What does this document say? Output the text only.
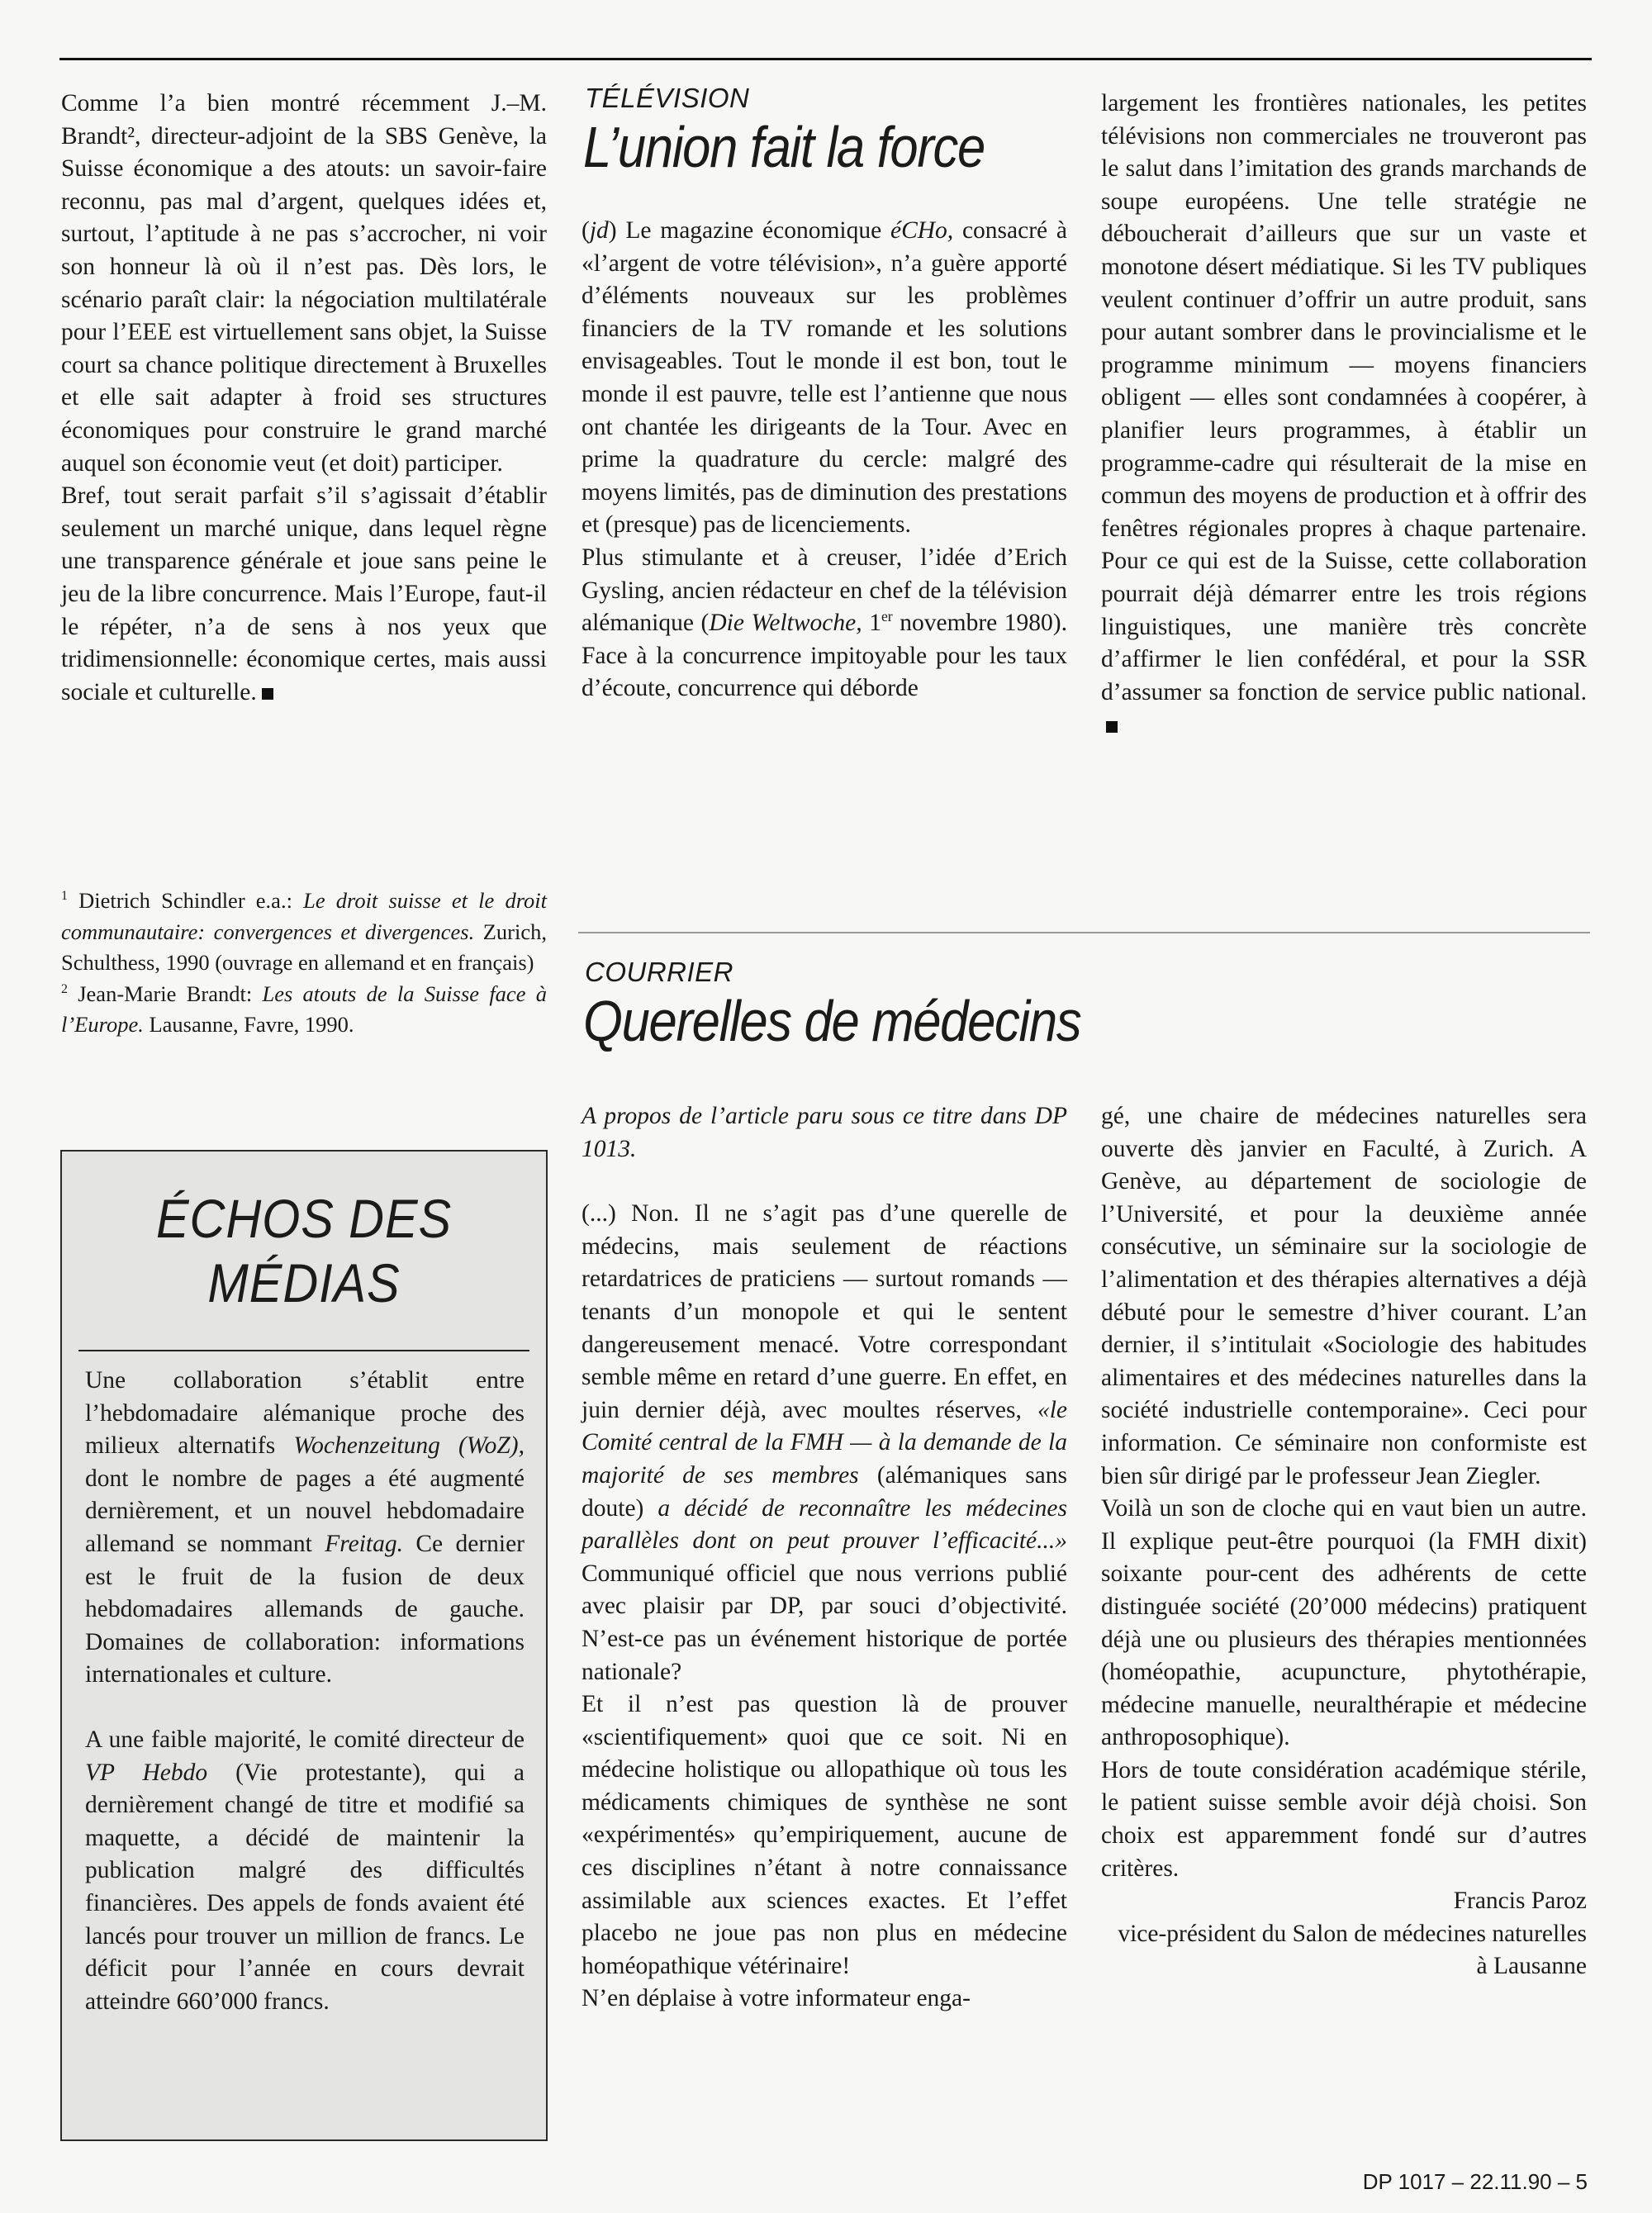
Comme l’a bien montré récemment J.–M. Brandt², directeur-adjoint de la SBS Genève, la Suisse économique a des atouts: un savoir-faire reconnu, pas mal d’argent, quelques idées et, surtout, l’aptitude à ne pas s’accrocher, ni voir son honneur là où il n’est pas. Dès lors, le scénario paraît clair: la négociation multilatérale pour l’EEE est virtuellement sans objet, la Suisse court sa chance politique directement à Bruxelles et elle sait adapter à froid ses structures économiques pour construire le grand marché auquel son économie veut (et doit) participer.

Bref, tout serait parfait s’il s’agissait d’établir seulement un marché unique, dans lequel règne une transparence générale et joue sans peine le jeu de la libre concurrence. Mais l’Europe, faut-il le répéter, n’a de sens à nos yeux que tridimensionnelle: économique certes, mais aussi sociale et culturelle.

$^1$ Dietrich Schindler e.a.: Le droit suisse et le droit communautaire: convergences et divergences. Zurich, Schulthess, 1990 (ouvrage en allemand et en français)

$^2$ Jean-Marie Brandt: Les atouts de la Suisse face à l’Europe. Lausanne, Favre, 1990.

ÉCHOS DES
MÉDIAS

Une collaboration s’établit entre l’hebdomadaire alémanique proche des milieux alternatifs Wochenzeitung (WoZ), dont le nombre de pages a été augmenté dernièrement, et un nouvel hebdomadaire allemand se nommant Freitag. Ce dernier est le fruit de la fusion de deux hebdomadaires allemands de gauche. Domaines de collaboration: informations internationales et culture.

A une faible majorité, le comité directeur de VP Hebdo (Vie protestante), qui a dernièrement changé de titre et modifié sa maquette, a décidé de maintenir la publication malgré des difficultés financières. Des appels de fonds avaient été lancés pour trouver un million de francs. Le déficit pour l’année en cours devrait atteindre 660’000 francs.

TÉLÉVISION
L’union fait la force

(jd) Le magazine économique éCHo, consacré à «l’argent de votre télévision», n’a guère apporté d’éléments nouveaux sur les problèmes financiers de la TV romande et les solutions envisageables. Tout le monde il est bon, tout le monde il est pauvre, telle est l’antienne que nous ont chantée les dirigeants de la Tour. Avec en prime la quadrature du cercle: malgré des moyens limités, pas de diminution des prestations et (presque) pas de licenciements.

Plus stimulante et à creuser, l’idée d’Erich Gysling, ancien rédacteur en chef de la télévision alémanique (Die Weltwoche, 1er novembre 1980). Face à la concurrence impitoyable pour les taux d’écoute, concurrence qui déborde

largement les frontières nationales, les petites télévisions non commerciales ne trouveront pas le salut dans l’imitation des grands marchands de soupe européens. Une telle stratégie ne déboucherait d’ailleurs que sur un vaste et monotone désert médiatique. Si les TV publiques veulent continuer d’offrir un autre produit, sans pour autant sombrer dans le provincialisme et le programme minimum — moyens financiers obligent — elles sont condamnées à coopérer, à planifier leurs programmes, à établir un programme-cadre qui résulterait de la mise en commun des moyens de production et à offrir des fenêtres régionales propres à chaque partenaire. Pour ce qui est de la Suisse, cette collaboration pourrait déjà démarrer entre les trois régions linguistiques, une manière très concrète d’affirmer le lien confédéral, et pour la SSR d’assumer sa fonction de service public national.

COURRIER
Querelles de médecins

A propos de l’article paru sous ce titre dans DP 1013.

(...) Non. Il ne s’agit pas d’une querelle de médecins, mais seulement de réactions retardatrices de praticiens — surtout romands — tenants d’un monopole et qui le sentent dangereusement menacé. Votre correspondant semble même en retard d’une guerre. En effet, en juin dernier déjà, avec moultes réserves, «le Comité central de la FMH — à la demande de la majorité de ses membres (alémaniques sans doute) a décidé de reconnaître les médecines parallèles dont on peut prouver l’efficacité...» Communiqué officiel que nous verrions publié avec plaisir par DP, par souci d’objectivité. N’est-ce pas un événement historique de portée nationale?

Et il n’est pas question là de prouver «scientifiquement» quoi que ce soit. Ni en médecine holistique ou allopathique où tous les médicaments chimiques de synthèse ne sont «expérimentés» qu’empiriquement, aucune de ces disciplines n’étant à notre connaissance assimilable aux sciences exactes. Et l’effet placebo ne joue pas non plus en médecine homéopathique vétérinaire!

N’en déplaise à votre informateur enga-

gé, une chaire de médecines naturelles sera ouverte dès janvier en Faculté, à Zurich. A Genève, au département de sociologie de l’Université, et pour la deuxième année consécutive, un séminaire sur la sociologie de l’alimentation et des thérapies alternatives a déjà débuté pour le semestre d’hiver courant. L’an dernier, il s’intitulait «Sociologie des habitudes alimentaires et des médecines naturelles dans la société industrielle contemporaine». Ceci pour information. Ce séminaire non conformiste est bien sûr dirigé par le professeur Jean Ziegler.

Voilà un son de cloche qui en vaut bien un autre. Il explique peut-être pourquoi (la FMH dixit) soixante pour-cent des adhérents de cette distinguée société (20’000 médecins) pratiquent déjà une ou plusieurs des thérapies mentionnées (homéopathie, acupuncture, phytothérapie, médecine manuelle, neuralthérapie et médecine anthroposophique).

Hors de toute considération académique stérile, le patient suisse semble avoir déjà choisi. Son choix est apparemment fondé sur d’autres critères.

Francis Paroz

vice-président du Salon de médecines naturelles à Lausanne

DP 1017 – 22.11.90 – 5
